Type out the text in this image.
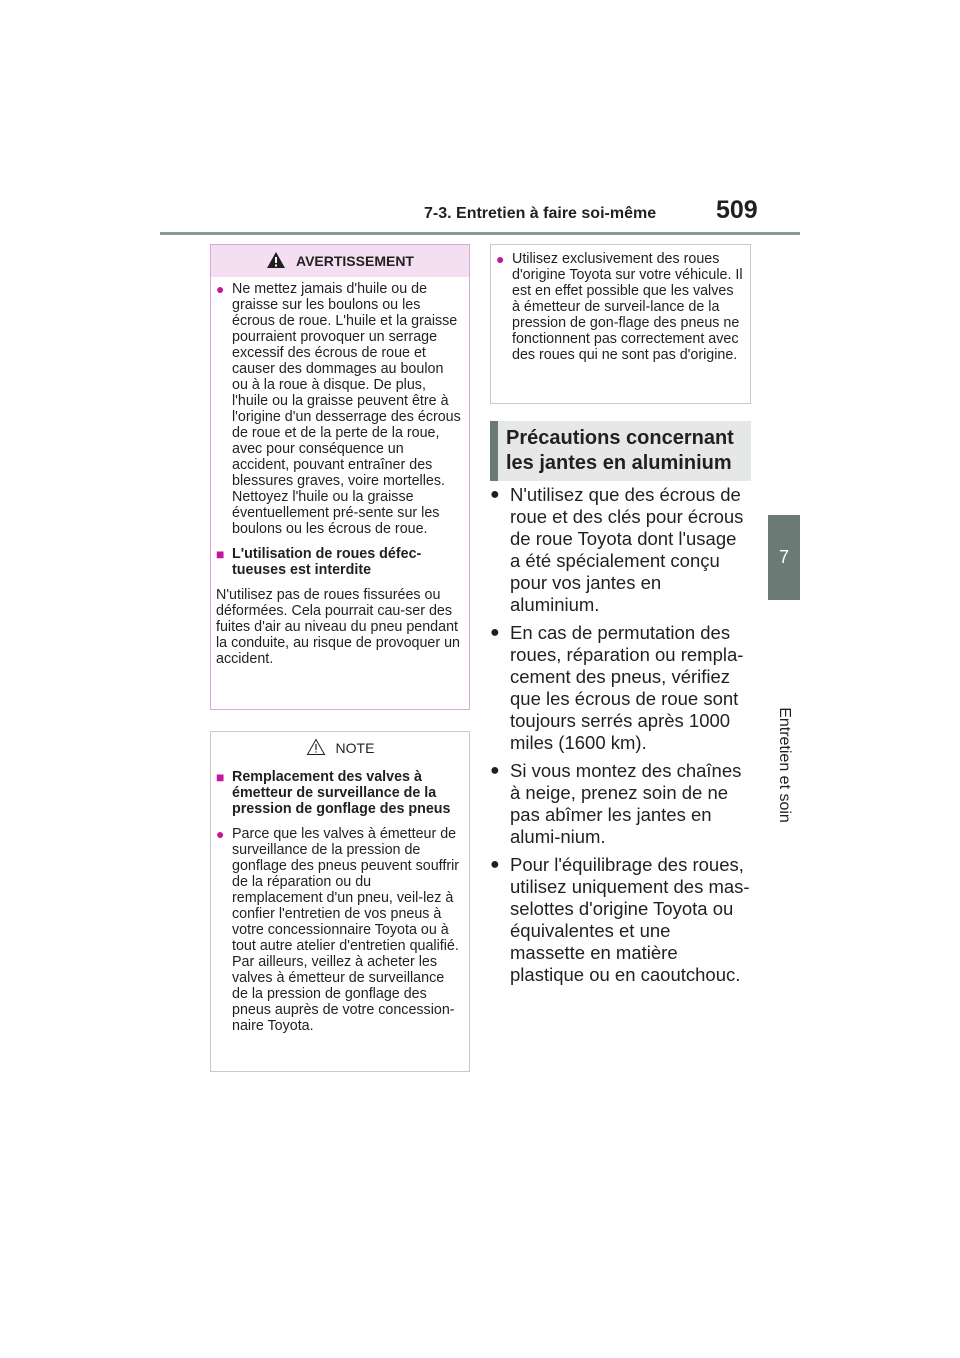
7-3. Entretien à faire soi-même 509
7
Entretien et soin
AVERTISSEMENT
● Ne mettez jamais d'huile ou de graisse sur les boulons ou les écrous de roue. L'huile et la graisse pourraient provoquer un serrage excessif des écrous de roue et causer des dommages au boulon ou à la roue à disque. De plus, l'huile ou la graisse peuvent être à l'origine d'un desserrage des écrous de roue et de la perte de la roue, avec pour conséquence un accident, pouvant entraîner des blessures graves, voire mortelles. Nettoyez l'huile ou la graisse éventuellement pré-sente sur les boulons ou les écrous de roue.
■ L'utilisation de roues défec-tueuses est interdite
N'utilisez pas de roues fissurées ou déformées. Cela pourrait cau-ser des fuites d'air au niveau du pneu pendant la conduite, au risque de provoquer un accident.
NOTE
■ Remplacement des valves à émetteur de surveillance de la pression de gonflage des pneus
● Parce que les valves à émetteur de surveillance de la pression de gonflage des pneus peuvent souffrir de la réparation ou du remplacement d'un pneu, veil-lez à confier l'entretien de vos pneus à votre concessionnaire Toyota ou à tout autre atelier d'entretien qualifié. Par ailleurs, veillez à acheter les valves à émetteur de surveillance de la pression de gonflage des pneus auprès de votre concession-naire Toyota.
● Utilisez exclusivement des roues d'origine Toyota sur votre véhicule. Il est en effet possible que les valves à émetteur de surveil-lance de la pression de gon-flage des pneus ne fonctionnent pas correctement avec des roues qui ne sont pas d'origine.
Précautions concernant les jantes en aluminium
● N'utilisez que des écrous de roue et des clés pour écrous de roue Toyota dont l'usage a été spécialement conçu pour vos jantes en aluminium.
● En cas de permutation des roues, réparation ou rempla-cement des pneus, vérifiez que les écrous de roue sont toujours serrés après 1000 miles (1600 km).
● Si vous montez des chaînes à neige, prenez soin de ne pas abîmer les jantes en alumi-nium.
● Pour l'équilibrage des roues, utilisez uniquement des mas-selottes d'origine Toyota ou équivalentes et une massette en matière plastique ou en caoutchouc.
